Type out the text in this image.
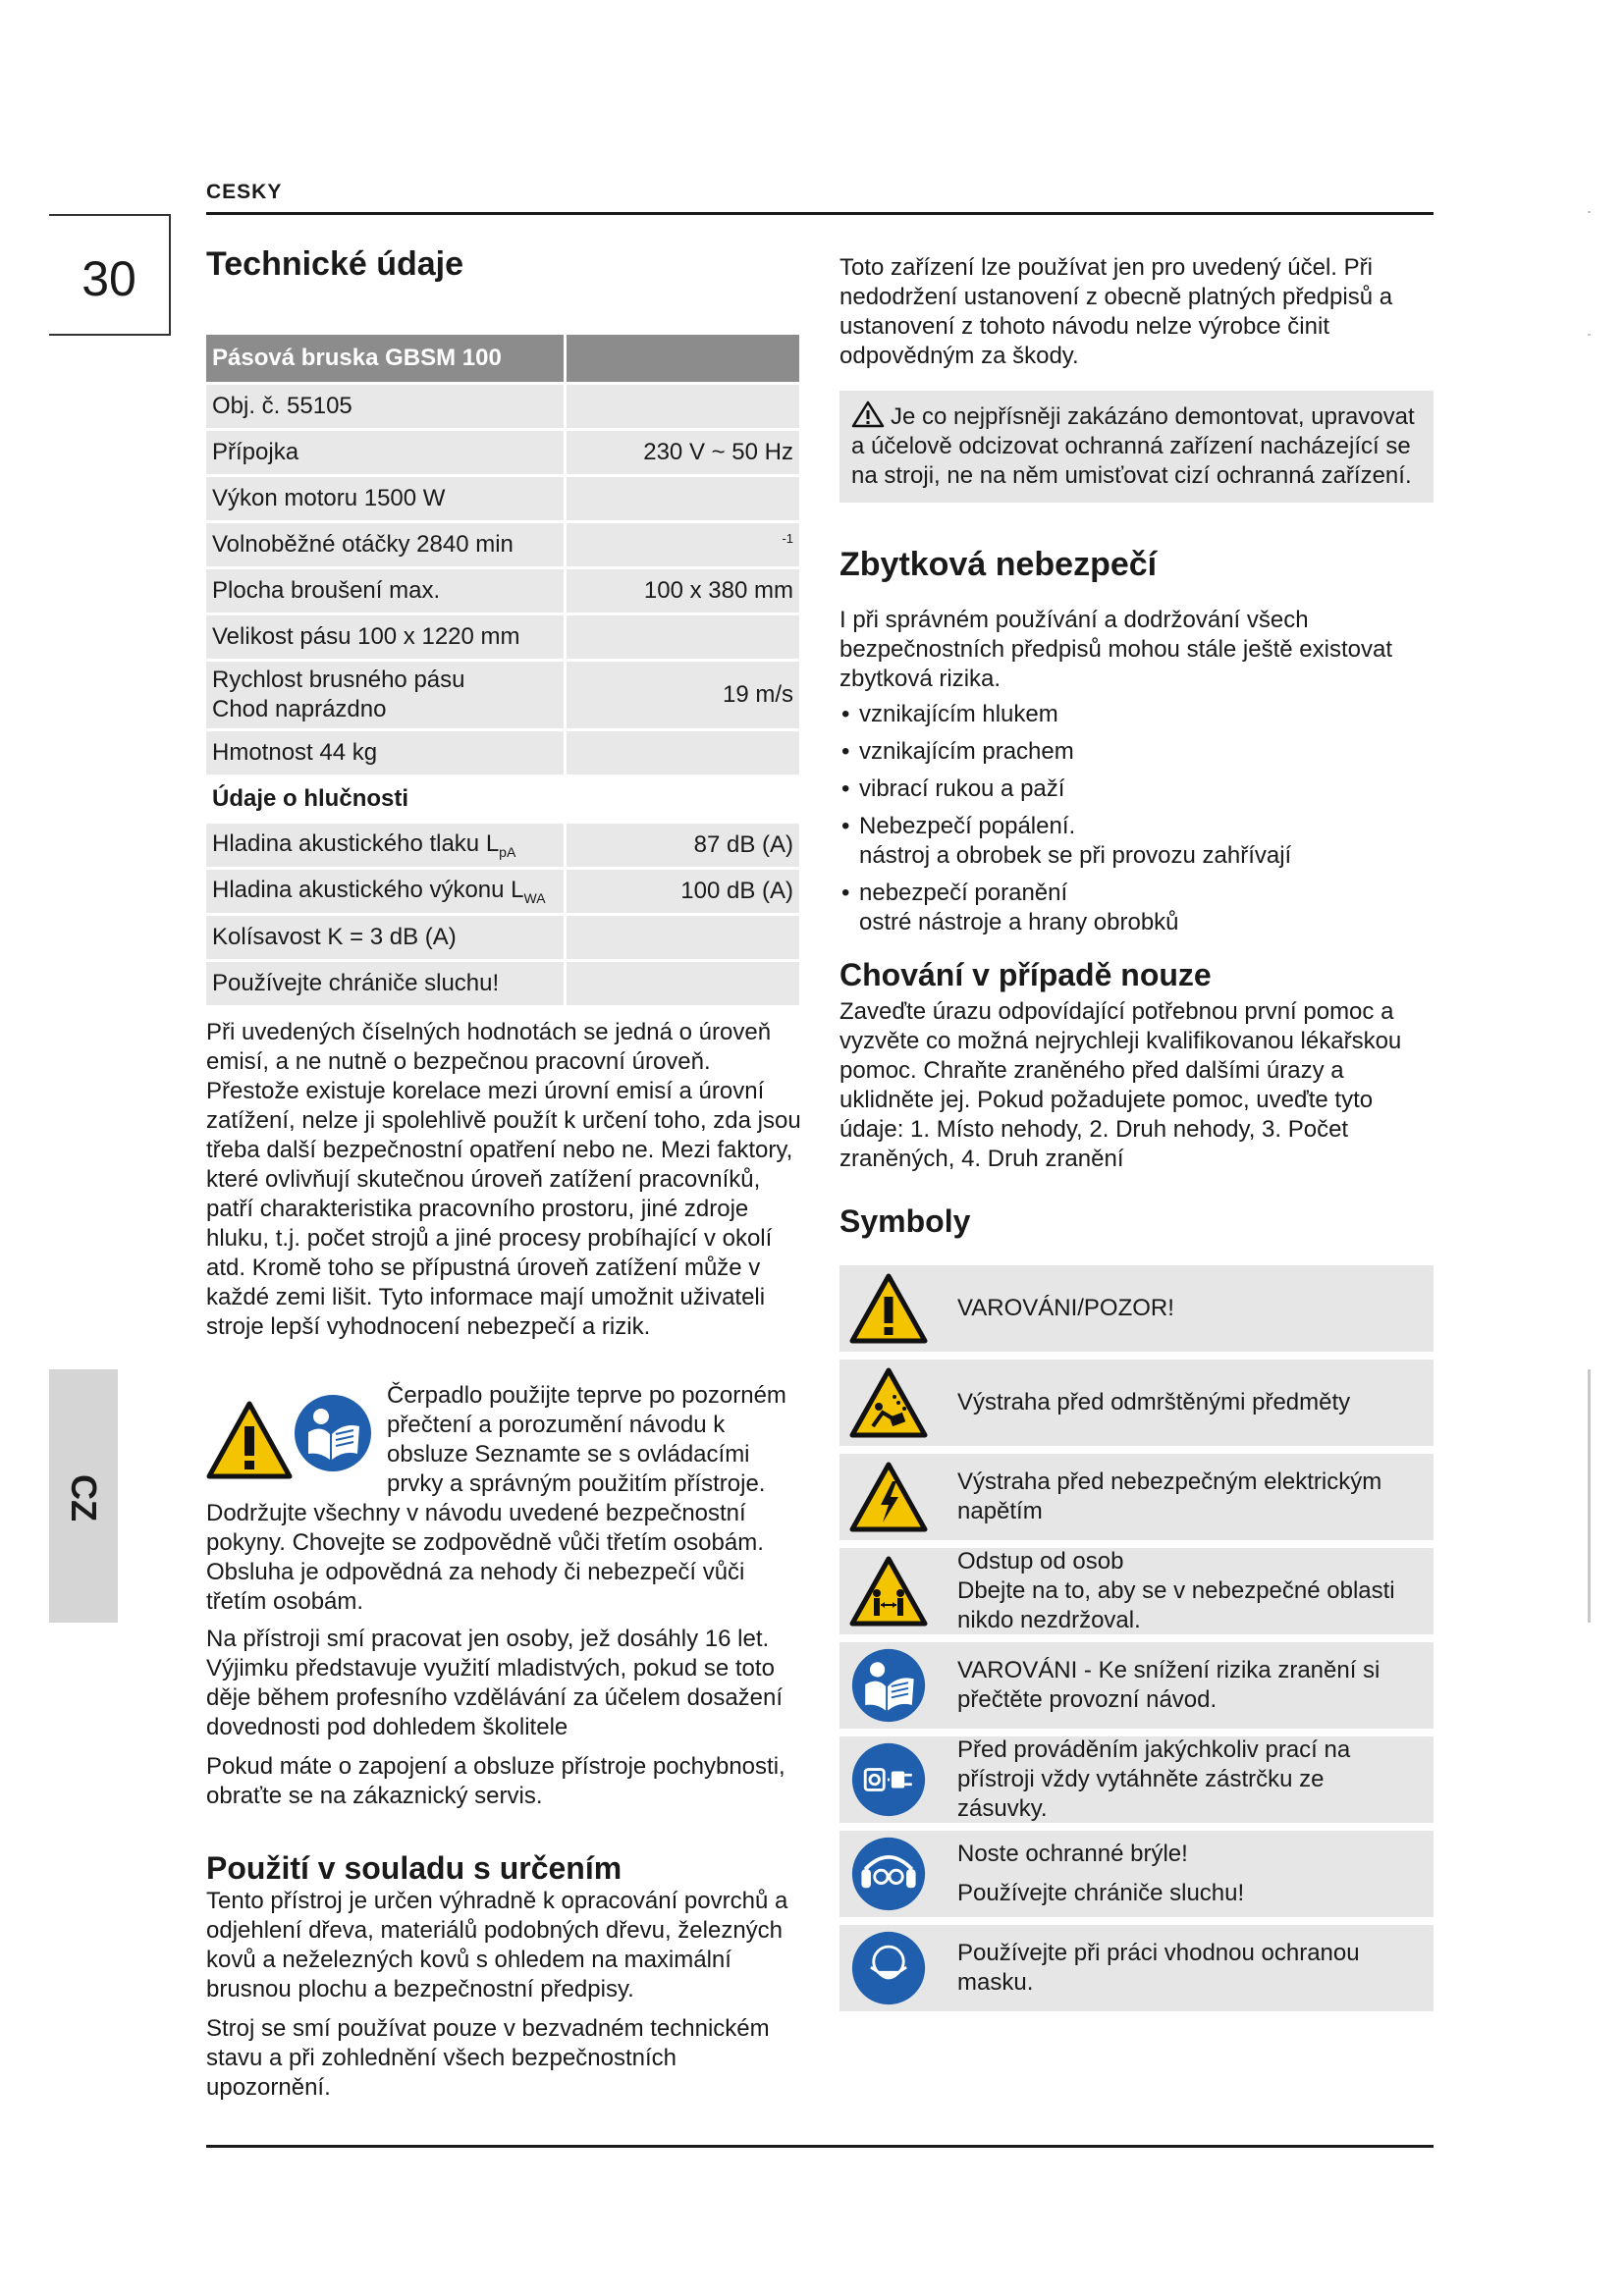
CESKY
30
CZ
Technické údaje
Pásová bruska GBSM 100	
Obj. č. 55105	
Přípojka	230 V ~ 50 Hz
Výkon motoru 1500 W	
Volnoběžné otáčky 2840 min	$^{-1}$
Plocha broušení max.	100 x 380 mm
Velikost pásu 100 x 1220 mm	

Rychlost brusného pásu
Chod naprázdno	19 m/s
Hmotnost 44 kg	
Údaje o hlučnosti	
Hladina akustického tlaku $L_{pA}$	87 dB (A)
Hladina akustického výkonu $L_{WA}$	100 dB (A)
Kolísavost K = 3 dB (A)	
Používejte chrániče sluchu!	

Při uvedených číselných hodnotách se jedná o úroveň emisí, a ne nutně o bezpečnou pracovní úroveň. Přestože existuje korelace mezi úrovní emisí a úrovní zatížení, nelze ji spolehlivě použít k určení toho, zda jsou třeba další bezpečnostní opatření nebo ne. Mezi faktory, které ovlivňují skutečnou úroveň zatížení pracovníků, patří charakteristika pracovního prostoru, jiné zdroje hluku, t.j. počet strojů a jiné procesy probíhající v okolí atd. Kromě toho se přípustná úroveň zatížení může v každé zemi lišit. Tyto informace mají umožnit uživateli stroje lepší vyhodnocení nebezpečí a rizik.

Čerpadlo použijte teprve po pozorném přečtení a porozumění návodu k obsluze Seznamte se s ovládacími prvky a správným použitím přístroje. Dodržujte všechny v návodu uvedené bezpečnostní pokyny. Chovejte se zodpovědně vůči třetím osobám.

Obsluha je odpovědná za nehody či nebezpečí vůči třetím osobám.

Na přístroji smí pracovat jen osoby, jež dosáhly 16 let. Výjimku představuje využití mladistvých, pokud se toto děje během profesního vzdělávání za účelem dosažení dovednosti pod dohledem školitele

Pokud máte o zapojení a obsluze přístroje pochybnosti, obraťte se na zákaznický servis.

Použití v souladu s určením

Tento přístroj je určen výhradně k opracování povrchů a odjehlení dřeva, materiálů podobných dřevu, železných kovů a neželezných kovů s ohledem na maximální brusnou plochu a bezpečnostní předpisy.

Stroj se smí používat pouze v bezvadném technickém stavu a při zohlednění všech bezpečnostních upozornění.

Toto zařízení lze používat jen pro uvedený účel. Při nedodržení ustanovení z obecně platných předpisů a ustanovení z tohoto návodu nelze výrobce činit odpovědným za škody.

Je co nejpřísněji zakázáno demontovat, upravovat a účelově odcizovat ochranná zařízení nacházející se na stroji, ne na něm umisťovat cizí ochranná zařízení.

Zbytková nebezpečí

I při správném používání a dodržování všech bezpečnostních předpisů mohou stále ještě existovat zbytková rizika.

• vznikajícím hlukem
• vznikajícím prachem
• vibrací rukou a paží
• Nebezpečí popálení.
nástroj a obrobek se při provozu zahřívají
• nebezpečí poranění
ostré nástroje a hrany obrobků
Chování v případě nouze

Zaveďte úrazu odpovídající potřebnou první pomoc a vyzvěte co možná nejrychleji kvalifikovanou lékařskou pomoc. Chraňte zraněného před dalšími úrazy a uklidněte jej. Pokud požadujete pomoc, uveďte tyto údaje: 1. Místo nehody, 2. Druh nehody, 3. Počet zraněných, 4. Druh zranění

Symboly
VAROVÁNI/POZOR!
Výstraha před odmrštěnými předměty
Výstraha před nebezpečným elektrickým
napětím
Odstup od osob
Dbejte na to, aby se v nebezpečné oblasti
nikdo nezdržoval.
VAROVÁNI - Ke snížení rizika zranění si
přečtěte provozní návod.
Před prováděním jakýchkoliv prací na
přístroji vždy vytáhněte zástrčku ze
zásuvky.
Noste ochranné brýle!
Používejte chrániče sluchu!
Používejte při práci vhodnou ochranou
masku.
